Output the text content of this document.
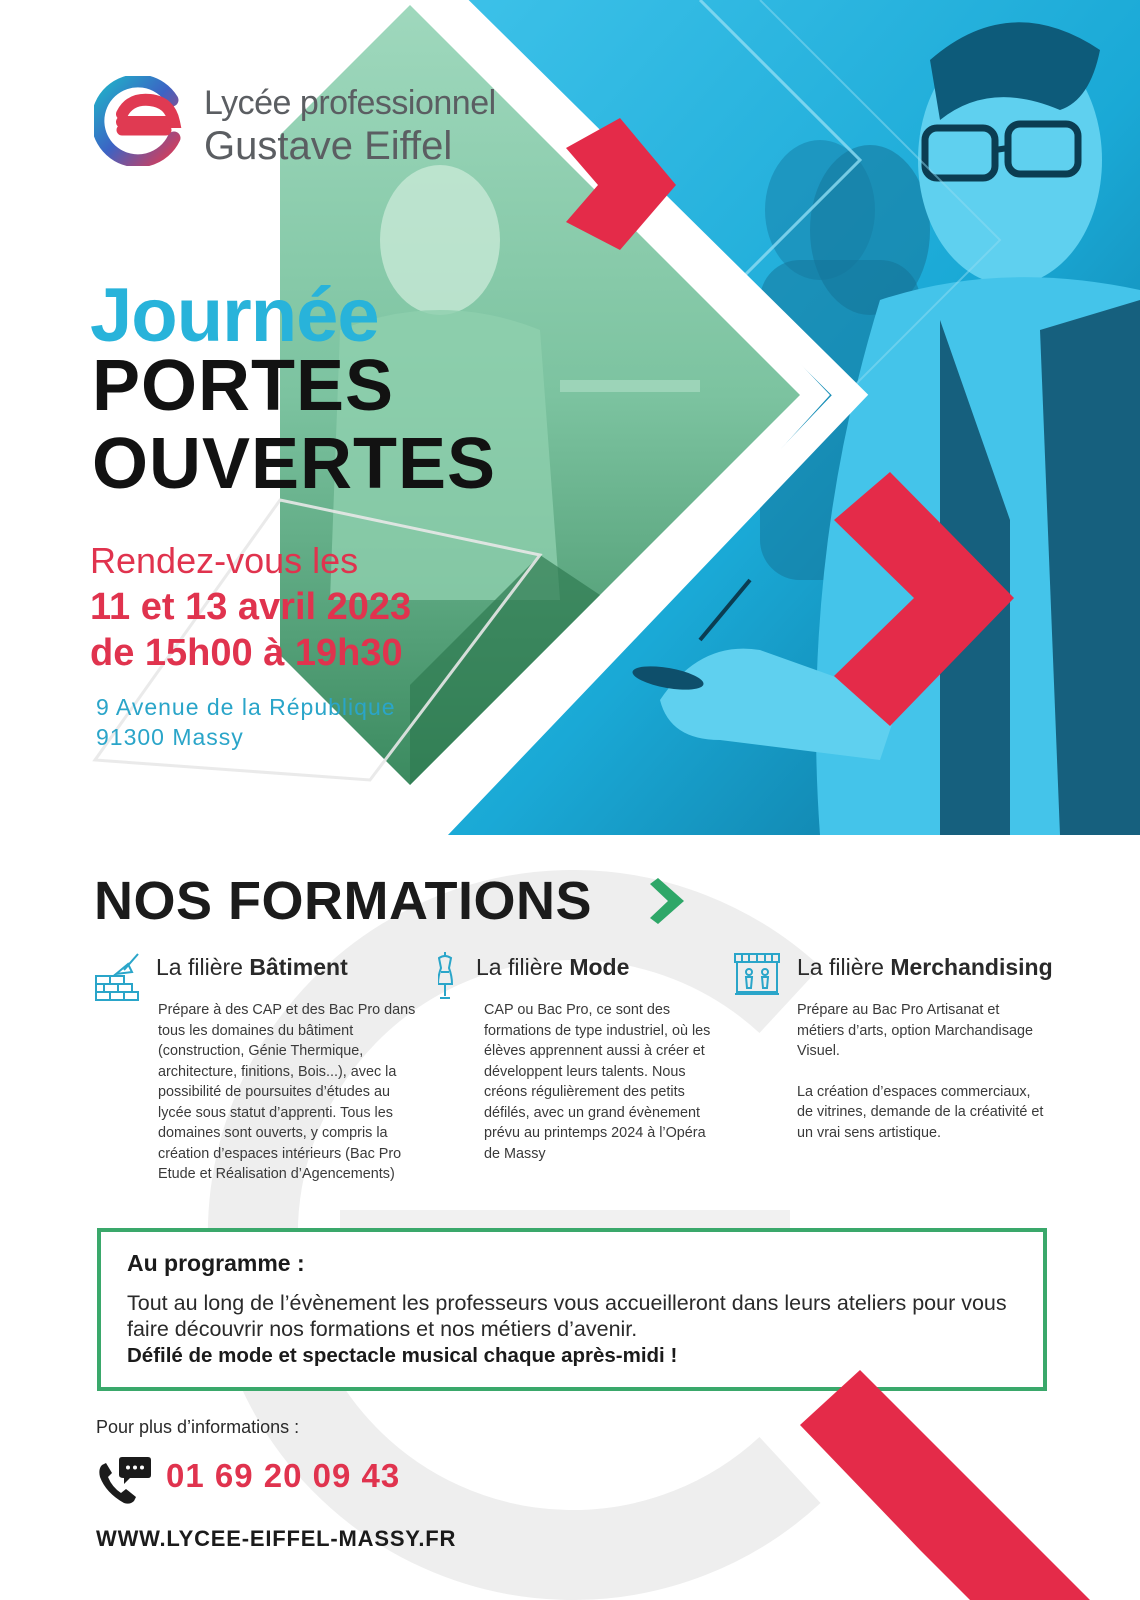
Lycée professionnel
Gustave Eiffel
Journée
PORTES
OUVERTES
Rendez-vous les
11 et 13 avril 2023
de 15h00 à 19h30
9 Avenue de la République
91300 Massy
NOS FORMATIONS
La filière Bâtiment

Prépare à des CAP et des Bac Pro dans tous les domaines du bâtiment (construction, Génie Thermique, architecture, finitions, Bois...), avec la possibilité de poursuites d’études au lycée sous statut d’apprenti. Tous les domaines sont ouverts, y compris la création d’espaces intérieurs (Bac Pro Etude et Réalisation d’Agencements)

La filière Mode

CAP ou Bac Pro, ce sont des formations de type industriel, où les élèves apprennent aussi à créer et développent leurs talents. Nous créons régulièrement des petits défilés, avec un grand évènement prévu au printemps 2024 à l’Opéra de Massy

La filière Merchandising

Prépare au Bac Pro Artisanat et métiers d’arts, option Marchandisage Visuel.

La création d’espaces commerciaux, de vitrines, demande de la créativité et un vrai sens artistique.

Au programme :
Tout au long de l’évènement les professeurs vous accueilleront dans leurs ateliers pour vous faire découvrir nos formations et nos métiers d’avenir.
Défilé de mode et spectacle musical chaque après-midi !
Pour plus d’informations :
01 69 20 09 43
WWW.LYCEE-EIFFEL-MASSY.FR
